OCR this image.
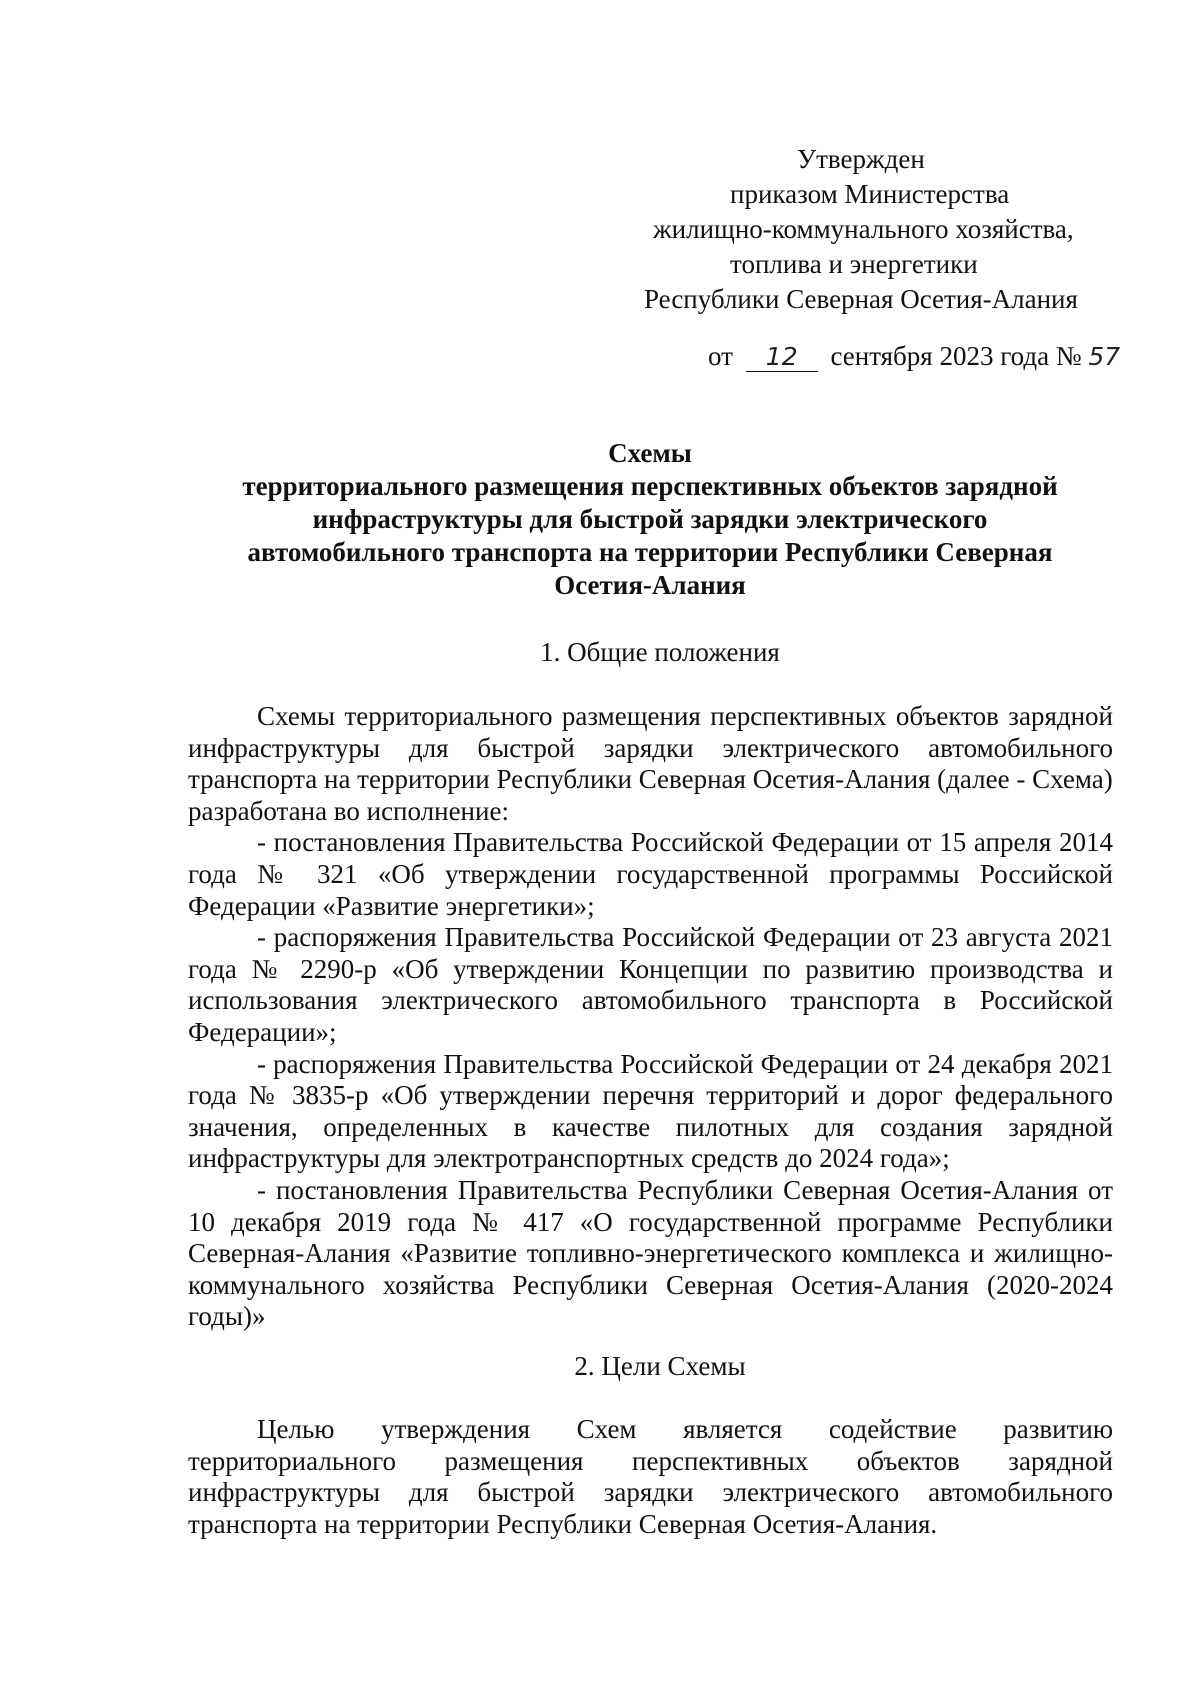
Утвержден
приказом Министерства
жилищно-коммунального хозяйства,
топлива и энергетики
Республики Северная Осетия-Алания
от 12 сентября 2023 года № 57
Схемы
территориального размещения перспективных объектов зарядной
инфраструктуры для быстрой зарядки электрического
автомобильного транспорта на территории Республики Северная
Осетия-Алания
1. Общие положения

Схемы территориального размещения перспективных объектов зарядной инфраструктуры для быстрой зарядки электрического автомобильного транспорта на территории Республики Северная Осетия-Алания (далее - Схема)

разработана во исполнение:

- постановления Правительства Российской Федерации от 15 апреля 2014 года № 321 «Об утверждении государственной программы Российской Федерации «Развитие энергетики»;

- распоряжения Правительства Российской Федерации от 23 августа 2021 года № 2290-р «Об утверждении Концепции по развитию производства и использования электрического автомобильного транспорта в Российской Федерации»;

- распоряжения Правительства Российской Федерации от 24 декабря 2021 года № 3835-р «Об утверждении перечня территорий и дорог федерального значения, определенных в качестве пилотных для создания зарядной инфраструктуры для электротранспортных средств до 2024 года»;

- постановления Правительства Республики Северная Осетия-Алания от 10 декабря 2019 года № 417 «О государственной программе Республики Северная-Алания «Развитие топливно-энергетического комплекса и жилищно-коммунального хозяйства Республики Северная Осетия-Алания (2020-2024 годы)»

2. Цели Схемы

Целью утверждения Схем является содействие развитию территориального размещения перспективных объектов зарядной инфраструктуры для быстрой зарядки электрического автомобильного транспорта на территории Республики Северная Осетия-Алания.
